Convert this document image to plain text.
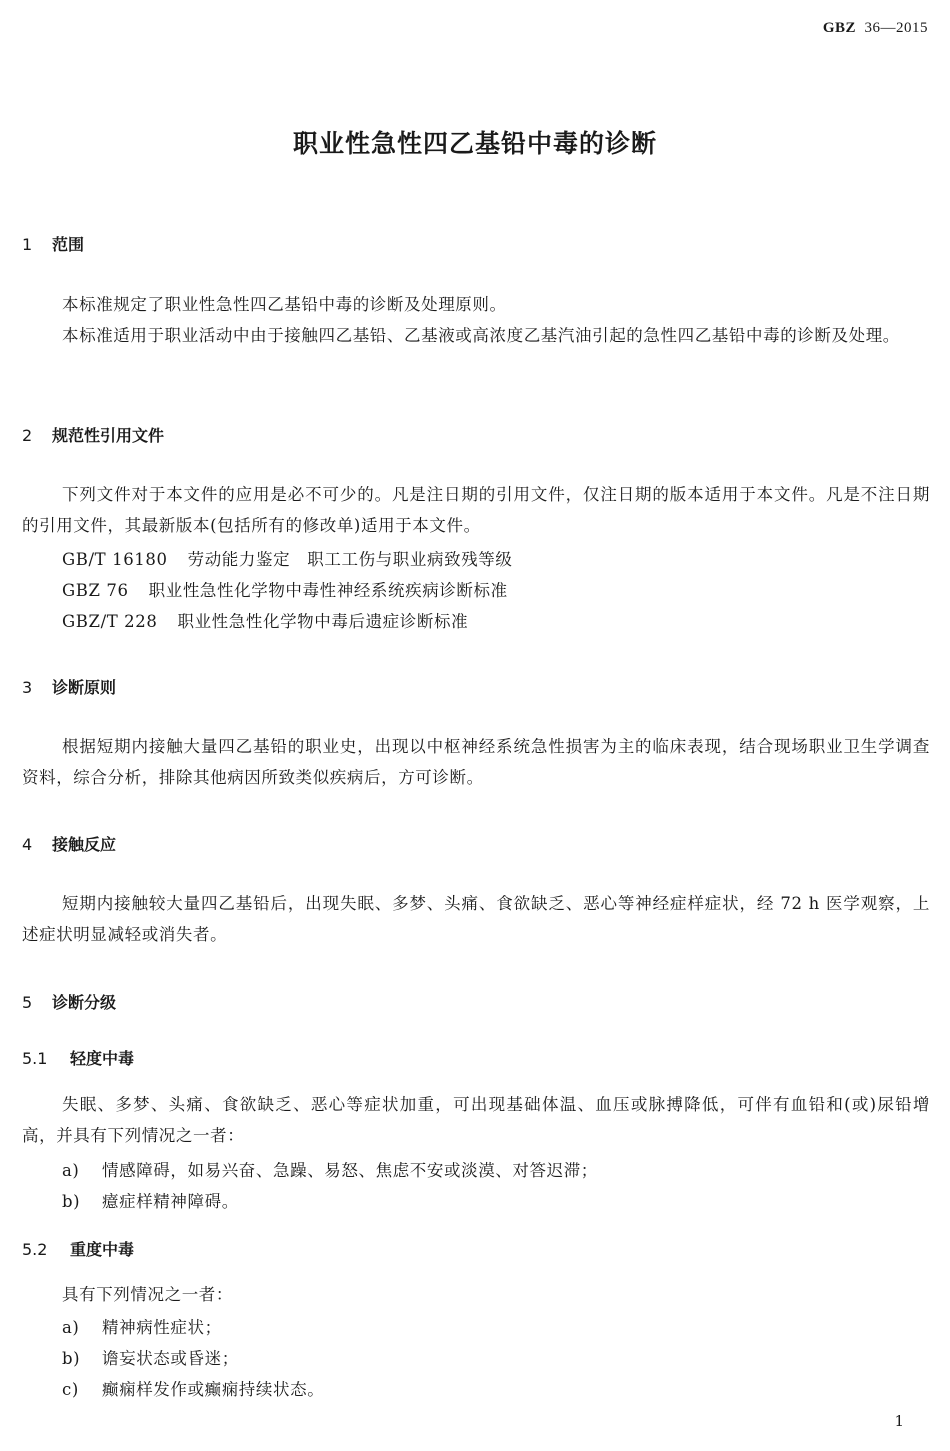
GBZ 36—2015
职业性急性四乙基铅中毒的诊断
1 范围
本标准规定了职业性急性四乙基铅中毒的诊断及处理原则。
本标准适用于职业活动中由于接触四乙基铅、乙基液或高浓度乙基汽油引起的急性四乙基铅中毒的诊断及处理。
2 规范性引用文件
下列文件对于本文件的应用是必不可少的。凡是注日期的引用文件，仅注日期的版本适用于本文件。凡是不注日期的引用文件，其最新版本(包括所有的修改单)适用于本文件。
GB/T 16180 劳动能力鉴定　职工工伤与职业病致残等级
GBZ 76 职业性急性化学物中毒性神经系统疾病诊断标准
GBZ/T 228 职业性急性化学物中毒后遗症诊断标准
3 诊断原则
根据短期内接触大量四乙基铅的职业史，出现以中枢神经系统急性损害为主的临床表现，结合现场职业卫生学调查资料，综合分析，排除其他病因所致类似疾病后，方可诊断。
4 接触反应
短期内接触较大量四乙基铅后，出现失眠、多梦、头痛、食欲缺乏、恶心等神经症样症状，经 72 h 医学观察，上述症状明显减轻或消失者。
5 诊断分级
5.1 轻度中毒
失眠、多梦、头痛、食欲缺乏、恶心等症状加重，可出现基础体温、血压或脉搏降低，可伴有血铅和(或)尿铅增高，并具有下列情况之一者：
a) 情感障碍，如易兴奋、急躁、易怒、焦虑不安或淡漠、对答迟滞；
b) 癔症样精神障碍。
5.2 重度中毒
具有下列情况之一者：
a) 精神病性症状；
b) 谵妄状态或昏迷；
c) 癫痫样发作或癫痫持续状态。
1
